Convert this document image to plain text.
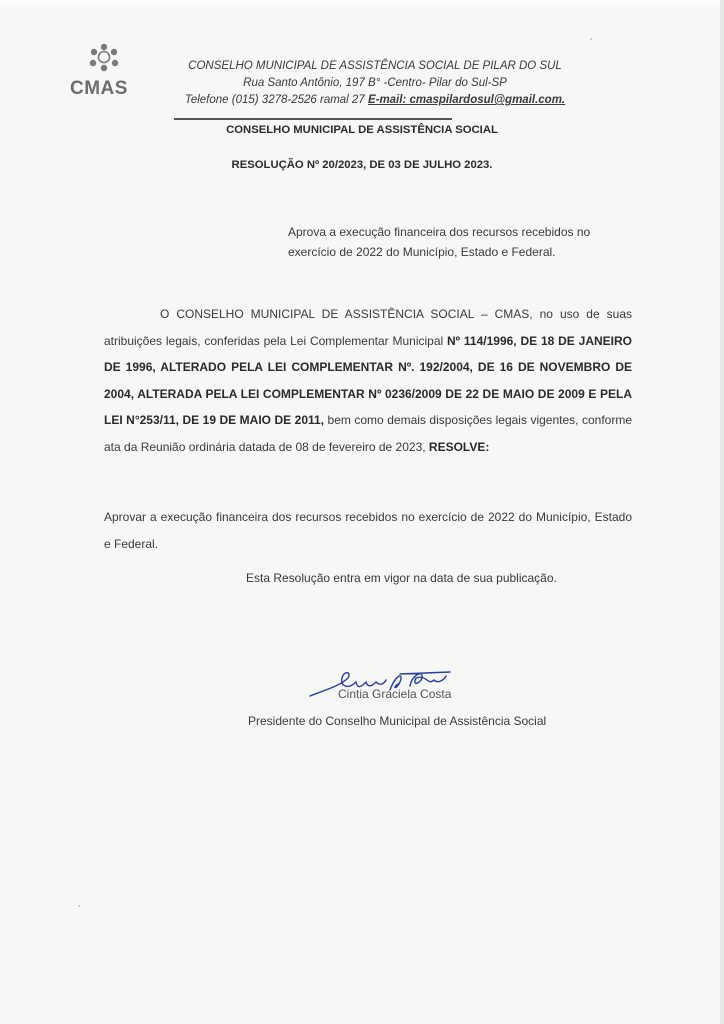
CMAS
CONSELHO MUNICIPAL DE ASSISTÊNCIA SOCIAL DE PILAR DO SUL
Rua Santo Antônio, 197 B° -Centro- Pilar do Sul-SP
Telefone (015) 3278-2526 ramal 27 E-mail: cmaspilardosul@gmail.com.
CONSELHO MUNICIPAL DE ASSISTÊNCIA SOCIAL
RESOLUÇÃO Nº 20/2023, DE 03 DE JULHO 2023.
Aprova a execução financeira dos recursos recebidos no exercício de 2022 do Município, Estado e Federal.
O CONSELHO MUNICIPAL DE ASSISTÊNCIA SOCIAL – CMAS, no uso de suas atribuições legais, conferidas pela Lei Complementar Municipal Nº 114/1996, DE 18 DE JANEIRO DE 1996, ALTERADO PELA LEI COMPLEMENTAR Nº. 192/2004, DE 16 DE NOVEMBRO DE 2004, ALTERADA PELA LEI COMPLEMENTAR Nº 0236/2009 DE 22 DE MAIO DE 2009 E PELA LEI N°253/11, DE 19 DE MAIO DE 2011, bem como demais disposições legais vigentes, conforme ata da Reunião ordinária datada de 08 de fevereiro de 2023, RESOLVE:
Aprovar a execução financeira dos recursos recebidos no exercício de 2022 do Município, Estado e Federal.
Esta Resolução entra em vigor na data de sua publicação.
Cintia Graciela Costa
Presidente do Conselho Municipal de Assistência Social
